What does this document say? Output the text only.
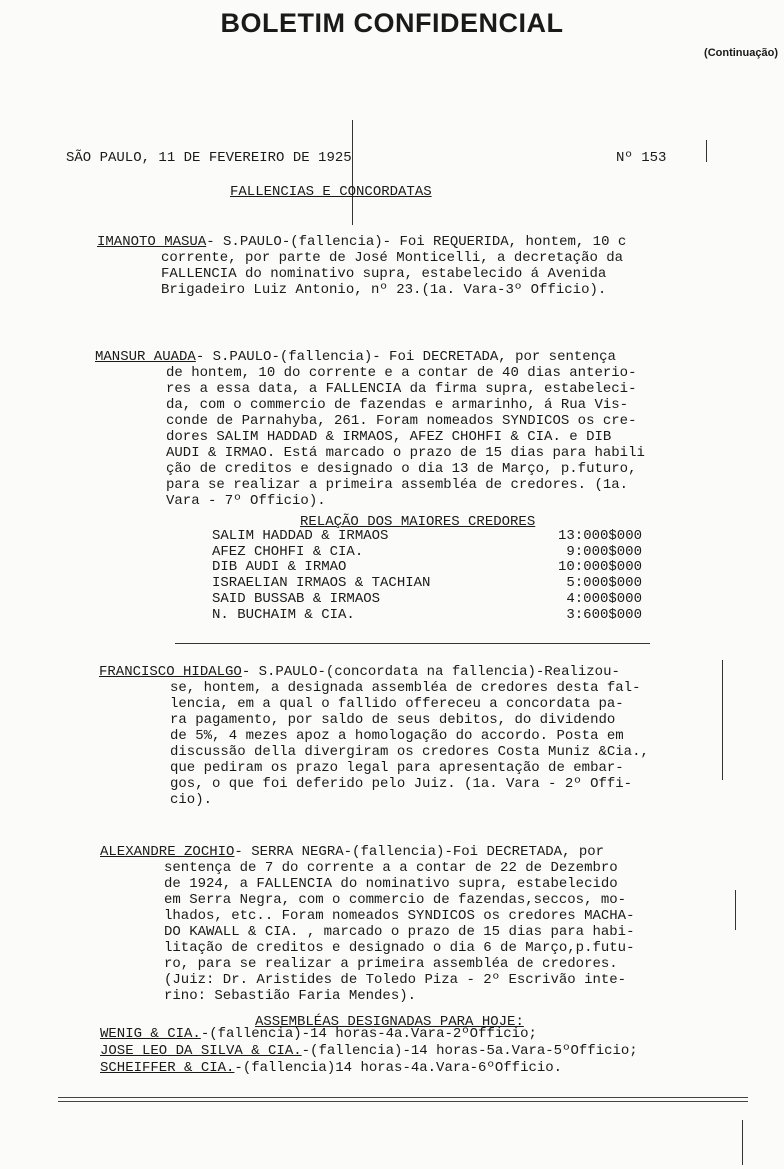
BOLETIM CONFIDENCIAL
(Continuação)
SÃO PAULO, 11 DE FEVEREIRO DE 1925	Nº 153
FALLENCIAS E CONCORDATAS

IMANOTO MASUA- S.PAULO-(fallencia)- Foi REQUERIDA, hontem, 10 c

corrente, por parte de José Monticelli, a decretação da

FALLENCIA do nominativo supra, estabelecido á Avenida

Brigadeiro Luiz Antonio, nº 23.(1a. Vara-3º Officio).

MANSUR AUADA- S.PAULO-(fallencia)- Foi DECRETADA, por sentença

de hontem, 10 do corrente e a contar de 40 dias anterio-

res a essa data, a FALLENCIA da firma supra, estabeleci-

da, com o commercio de fazendas e armarinho, á Rua Vis-

conde de Parnahyba, 261. Foram nomeados SYNDICOS os cre-

dores SALIM HADDAD & IRMAOS, AFEZ CHOHFI & CIA. e DIB

AUDI & IRMAO. Está marcado o prazo de 15 dias para habili

ção de creditos e designado o dia 13 de Março, p.futuro,

para se realizar a primeira assembléa de credores. (1a.

Vara - 7º Officio).

RELAÇÃO DOS MAIORES CREDORES
SALIM HADDAD & IRMAOS	13:000$000
AFEZ CHOHFI & CIA.	9:000$000
DIB AUDI & IRMAO	10:000$000
ISRAELIAN IRMAOS & TACHIAN	5:000$000
SAID BUSSAB & IRMAOS	4:000$000
N. BUCHAIM & CIA.	3:600$000

FRANCISCO HIDALGO- S.PAULO-(concordata na fallencia)-Realizou-

se, hontem, a designada assembléa de credores desta fal-

lencia, em a qual o fallido offereceu a concordata pa-

ra pagamento, por saldo de seus debitos, do dividendo

de 5%, 4 mezes apoz a homologação do accordo. Posta em

discussão della divergiram os credores Costa Muniz &Cia.,

que pediram os prazo legal para apresentação de embar-

gos, o que foi deferido pelo Juiz. (1a. Vara - 2º Offi-

cio).

ALEXANDRE ZOCHIO- SERRA NEGRA-(fallencia)-Foi DECRETADA, por

sentença de 7 do corrente a a contar de 22 de Dezembro

de 1924, a FALLENCIA do nominativo supra, estabelecido

em Serra Negra, com o commercio de fazendas,seccos, mo-

lhados, etc.. Foram nomeados SYNDICOS os credores MACHA-

DO KAWALL & CIA. , marcado o prazo de 15 dias para habi-

litação de creditos e designado o dia 6 de Março,p.futu-

ro, para se realizar a primeira assembléa de credores.

(Juiz: Dr. Aristides de Toledo Piza - 2º Escrivão inte-

rino: Sebastião Faria Mendes).

ASSEMBLÉAS DESIGNADAS PARA HOJE:
WENIG & CIA.-(fallencia)-14 horas-4a.Vara-2ºOfficio;
JOSE LEO DA SILVA & CIA.-(fallencia)-14 horas-5a.Vara-5ºOfficio;
SCHEIFFER & CIA.-(fallencia)14 horas-4a.Vara-6ºOfficio.
